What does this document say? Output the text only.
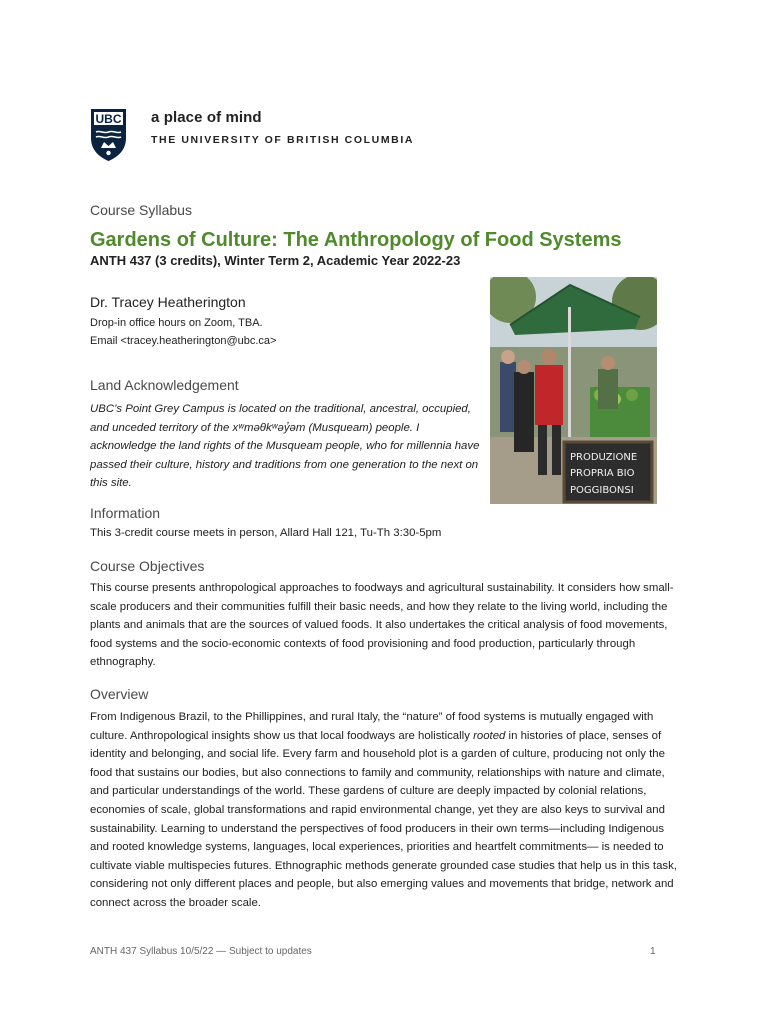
UBC a place of mind
THE UNIVERSITY OF BRITISH COLUMBIA
Course Syllabus
Gardens of Culture: The Anthropology of Food Systems
ANTH 437 (3 credits), Winter Term 2, Academic Year 2022-23
Dr. Tracey Heatherington
Drop-in office hours on Zoom, TBA.
Email <tracey.heatherington@ubc.ca>
PRODUZIONE
PROPRIA BIO
POGGIBONSI
Land Acknowledgement
UBC’s Point Grey Campus is located on the traditional, ancestral, occupied, and unceded territory of the xʷməθkʷəy̓əm (Musqueam) people. I acknowledge the land rights of the Musqueam people, who for millennia have passed their culture, history and traditions from one generation to the next on this site.
Information
This 3-credit course meets in person, Allard Hall 121, Tu-Th 3:30-5pm
Course Objectives
This course presents anthropological approaches to foodways and agricultural sustainability. It considers how small-scale producers and their communities fulfill their basic needs, and how they relate to the living world, including the plants and animals that are the sources of valued foods. It also undertakes the critical analysis of food movements, food systems and the socio-economic contexts of food provisioning and food production, particularly through ethnography.
Overview
From Indigenous Brazil, to the Phillippines, and rural Italy, the “nature” of food systems is mutually engaged with culture. Anthropological insights show us that local foodways are holistically rooted in histories of place, senses of identity and belonging, and social life. Every farm and household plot is a garden of culture, producing not only the food that sustains our bodies, but also connections to family and community, relationships with nature and climate, and particular understandings of the world. These gardens of culture are deeply impacted by colonial relations, economies of scale, global transformations and rapid environmental change, yet they are also keys to survival and sustainability. Learning to understand the perspectives of food producers in their own terms—including Indigenous and rooted knowledge systems, languages, local experiences, priorities and heartfelt commitments— is needed to cultivate viable multispecies futures. Ethnographic methods generate grounded case studies that help us in this task, considering not only different places and people, but also emerging values and movements that bridge, network and connect across the broader scale.
ANTH 437 Syllabus 10/5/22 — Subject to updates	1
